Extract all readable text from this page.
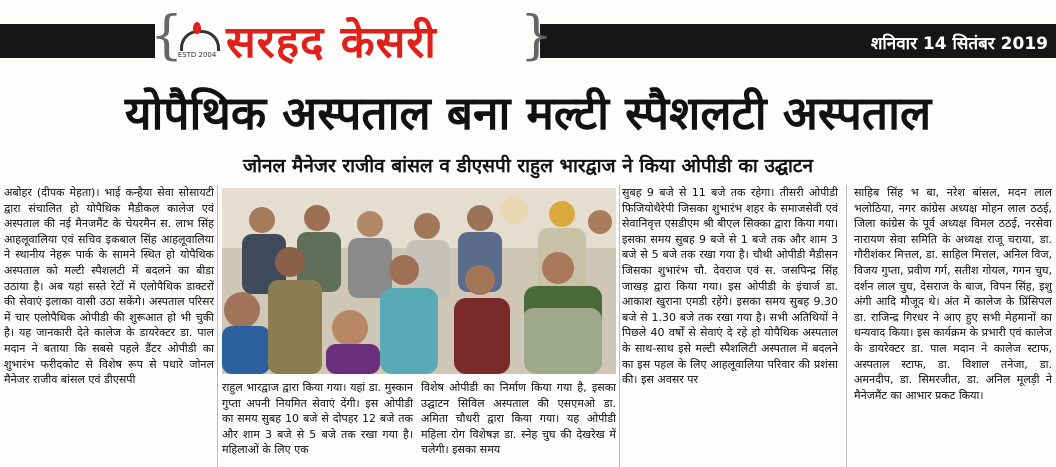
{	}
ESTD 2004 सरहद केसरी	शनिवार 14 सितंबर 2019
योपैथिक अस्पताल बना मल्टी स्पैशलटी अस्पताल
जोनल मैनेजर राजीव बांसल व डीएसपी राहुल भारद्वाज ने किया ओपीडी का उद्घाटन
अबोहर (दीपक मेहता)। भाई कन्हैया सेवा सोसायटी द्वारा संचालित हो योपैथिक मैडीकल कालेज एवं अस्पताल की नई मैनजमैंट के चेयरमैन स. लाभ सिंह आहलूवालिया एवं सचिव इकबाल सिंह आहलूवालिया ने स्थानीय नेहरू पार्क के सामने स्थित हो योपैथिक अस्पताल को मल्टी स्पैशलटी में बदलने का बीडा उठाया है। अब यहां सस्ते रेटों में एलोपैथिक डाक्टरों की सेवाएं इलाका वासी उठा सकेंगे। अस्पताल परिसर में चार एलोपैथिक ओपीडी की शुरूआत हो भी चुकी है। यह जानकारी देते कालेज के डायरेक्टर डा. पाल मदान ने बताया कि सबसे पहले डैंटर ओपीडी का शुभारंभ फरीदकोट से विशेष रूप से पधारे जोनल मैनेजर राजीव बांसल एवं डीएसपी
राहुल भारद्वाज द्वारा किया गया। यहां डा. मुस्कान गुप्ता अपनी नियमित सेवाएं देंगी। इस ओपीडी का समय सुबह 10 बजे से दोपहर 12 बजे तक और शाम 3 बजे से 5 बजे तक रखा गया है। महिलाओं के लिए एक
विशेष ओपीडी का निर्माण किया गया है, इसका उद्घाटन सिविल अस्पताल की एसएमओ डा. अमिता चौधरी द्वारा किया गया। यह ओपीडी महिला रोग विशेषज्ञ डा. स्नेह चुघ की देखरेख में चलेगी। इसका समय
सुबह 9 बजे से 11 बजे तक रहेगा। तीसरी ओपीडी फिजियोथैरेपी जिसका शुभारंभ शहर के समाजसेवी एवं सेवानिवृत्त एसडीएम श्री बीएल सिक्का द्वारा किया गया। इसका समय सुबह 9 बजे से 1 बजे तक और शाम 3 बजे से 5 बजे तक रखा गया है। चौथी ओपीडी मैडीसन जिसका शुभारंभ चौ. देवराज एवं स. जसपिन्द्र सिंह जाखड़ द्वारा किया गया। इस ओपीडी के इंचार्ज डा. आकाश खुराना एमडी रहेंगे। इसका समय सुबह 9.30 बजे से 1.30 बजे तक रखा गया है। सभी अतिथियों ने पिछले 40 वर्षों से सेवाएं दे रहे हो योपैथिक अस्पताल के साथ-साथ इसे मल्टी स्पैशलिटी अस्पताल में बदलने का इस पहल के लिए आहलूवालिया परिवार की प्रशंसा की। इस अवसर पर
साहिब सिंह भ बा, नरेश बांसल, मदन लाल भलोठिया, नगर कांग्रेस अध्यक्ष मोहन लाल ठठई, जिला कांग्रेस के पूर्व अध्यक्ष विमल ठठई, नरसेवा नारायण सेवा समिति के अध्यक्ष राजू चराया, डा. गौरीशंकर मित्तल, डा. साहिल मित्तल, अनिल विज, विजय गुप्ता, प्रवीण गर्ग, सतीश गोयल, गगन चुघ, दर्शन लाल चुघ, देसराज के बाज, विपन सिंह, इशु अंगी आदि मौजूद थे। अंत में कालेज के प्रिंसिपल डा. राजिन्द्र गिरधर ने आए हुए सभी मेहमानों का धन्यवाद किया। इस कार्यक्रम के प्रभारी एवं कालेज के डायरेक्टर डा. पाल मदान ने कालेज स्टाफ, अस्पताल स्टाफ, डा. विशाल तनेजा, डा. अमनदीप, डा. सिमरजीत, डा. अनिल मूलड़ी ने मैनेजमैंट का आभार प्रकट किया।
